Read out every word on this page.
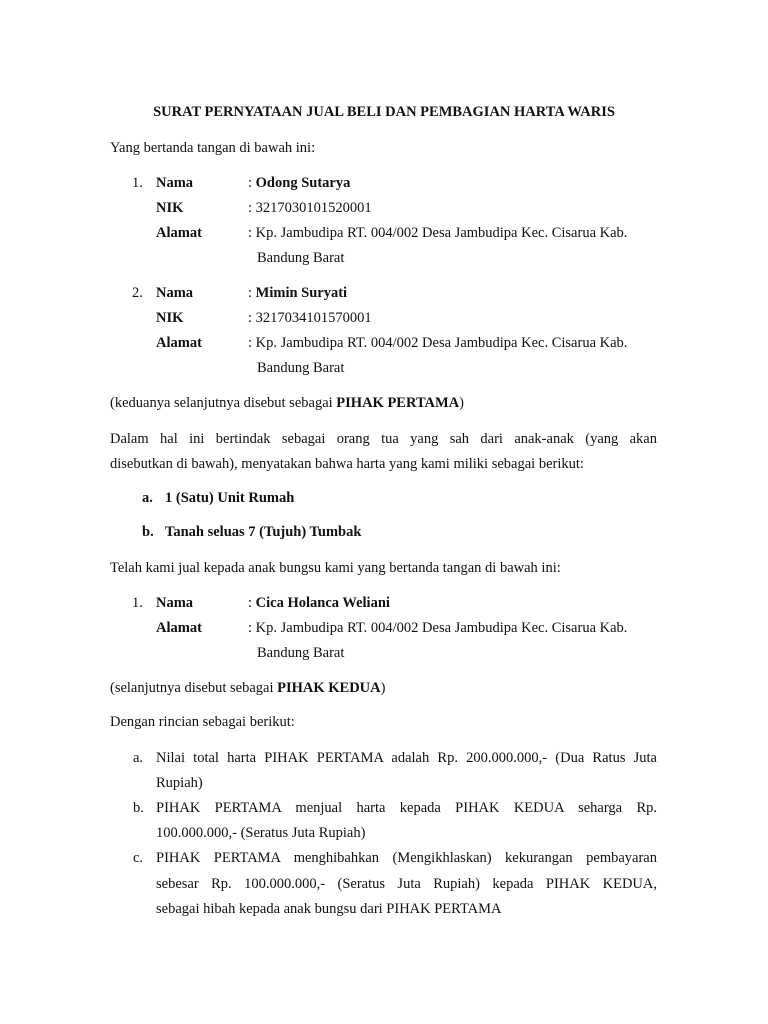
SURAT PERNYATAAN JUAL BELI DAN PEMBAGIAN HARTA WARIS
Yang bertanda tangan di bawah ini:
1. Nama	: Odong Sutarya
NIK	: 3217030101520001
Alamat	: Kp. Jambudipa RT. 004/002 Desa Jambudipa Kec. Cisarua Kab.
Bandung Barat
2. Nama	: Mimin Suryati
NIK	: 3217034101570001
Alamat	: Kp. Jambudipa RT. 004/002 Desa Jambudipa Kec. Cisarua Kab.
Bandung Barat
(keduanya selanjutnya disebut sebagai PIHAK PERTAMA)
Dalam hal ini bertindak sebagai orang tua yang sah dari anak-anak (yang akan
disebutkan di bawah), menyatakan bahwa harta yang kami miliki sebagai berikut:
a. 1 (Satu) Unit Rumah
b. Tanah seluas 7 (Tujuh) Tumbak
Telah kami jual kepada anak bungsu kami yang bertanda tangan di bawah ini:
1. Nama	: Cica Holanca Weliani
Alamat	: Kp. Jambudipa RT. 004/002 Desa Jambudipa Kec. Cisarua Kab.
Bandung Barat
(selanjutnya disebut sebagai PIHAK KEDUA)
Dengan rincian sebagai berikut:
a. Nilai total harta PIHAK PERTAMA adalah Rp. 200.000.000,- (Dua Ratus Juta
Rupiah)
b. PIHAK PERTAMA menjual harta kepada PIHAK KEDUA seharga Rp.
100.000.000,- (Seratus Juta Rupiah)
c. PIHAK PERTAMA menghibahkan (Mengikhlaskan) kekurangan pembayaran
sebesar Rp. 100.000.000,- (Seratus Juta Rupiah) kepada PIHAK KEDUA,
sebagai hibah kepada anak bungsu dari PIHAK PERTAMA
